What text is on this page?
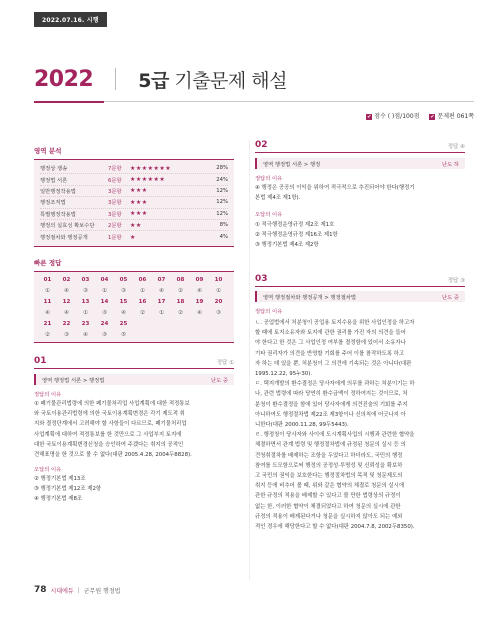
2022.07.16. 시행
2022 5급 기출문제 해설
✔ 점수 ( )점/100점 ✔ 문제편 061쪽
영역 분석
행정상 쟁송	7문항	★★★★★★★	28%
행정법 서론	6문항	★★★★★★	24%
일반행정작용법	3문항	★★★	12%
행정조직법	3문항	★★★	12%
특별행정작용법	3문항	★★★	12%
행정의 실효성 확보수단	2문항	★★	8%
행정절차와 행정공개	1문항	★	4%
빠른 정답
01	02	03	04	05	06	07	08	09	10
①	④	③	①	③	①	④	②	④	①
11	12	13	14	15	16	17	18	19	20
④	④	①	③	④	②	①	②	④	③
21	22	23	24	25
②	③	④	③	⑤
01	정답 ①
영역 행정법 서론 > 행정법	난도 중
정답의 이유
① 폐기물관리법령에 의한 폐기물처리업 사업계획에 대한 적정통보
와 국토이용관리법령에 의한 국토이용계획변경은 각기 제도적 취
지와 결정단계에서 고려해야 할 사항들이 다르므로, 폐기물처리업
사업계획에 대하여 적정통보를 한 것만으로 그 사업부지 토지에
대한 국토이용계획변경신청을 승인하여 주겠다는 취지의 공적인
견해표명을 한 것으로 볼 수 없다(대판 2005.4.28, 2004두8828).
오답의 이유
② 행정기본법 제13조
③ 행정기본법 제12조 제2항
④ 행정기본법 제8조
02	정답 ④
영역 행정법 서론 > 행정	난도 하
정답의 이유
④ 행정은 공공의 이익을 위하여 적극적으로 추진되어야 한다(행정기
본법 제4조 제1항).
오답의 이유
① 적극행정운영규정 제2조 제1호
② 적극행정운영규정 제16조 제1항
③ 행정기본법 제4조 제2항
03	정답 ③
영역 행정절차와 행정공개 > 행정절차법	난도 중
정답의 이유
ㄴ. 공업법에서 처분청이 공업용 토지수용을 위한 사업인정을 하고자
할 때에 토지소유자와 토지에 관한 권리를 가진 자의 의견을 들어
야 한다고 한 것은 그 사업인정 여부를 결정함에 있어서 소유자나
기타 권리자가 의견을 반영할 기회를 주어 이를 참작하도록 하고
자 하는 데 있을 뿐, 처분청이 그 의견에 기속되는 것은 아니다(대판
1995.12.22, 95누30).
ㄷ. 택지개발의 환수결정은 당사자에게 의무를 과하는 처분이기는 하
나, 관련 법령에 따라 당연히 환수금액이 정하여지는 것이므로, 처
분청이 환수결정을 함에 있어 당사자에게 의견진술의 기회를 주지
아니하여도 행정절차법 제22조 제3항이나 신의칙에 어긋나지 아
니한다(대판 2000.11.28, 99두5443).
ㄹ. 행정청이 당사자와 사이에 도시계획사업의 시행과 관련한 협약을
체결하면서 관계 법령 및 행정절차법에 규정된 청문의 실시 등 의
견청취절차를 배제하는 조항을 두었다고 하더라도, 국민의 행정
참여를 도모함으로써 행정의 공정성·투명성 및 신뢰성을 확보하
고 국민의 권익을 보호한다는 행정절차법의 목적 및 청문제도의
취지 등에 비추어 볼 때, 위와 같은 협약의 체결로 청문의 실시에
관한 규정의 적용을 배제할 수 있다고 볼 만한 법령상의 규정이
없는 한, 이러한 협약이 체결되었다고 하여 청문의 실시에 관한
규정의 적용이 배제된다거나 청문을 실시하지 않아도 되는 예외
적인 경우에 해당한다고 할 수 없다(대판 2004.7.8, 2002두8350).
78 시대에듀 | 군무원 행정법
